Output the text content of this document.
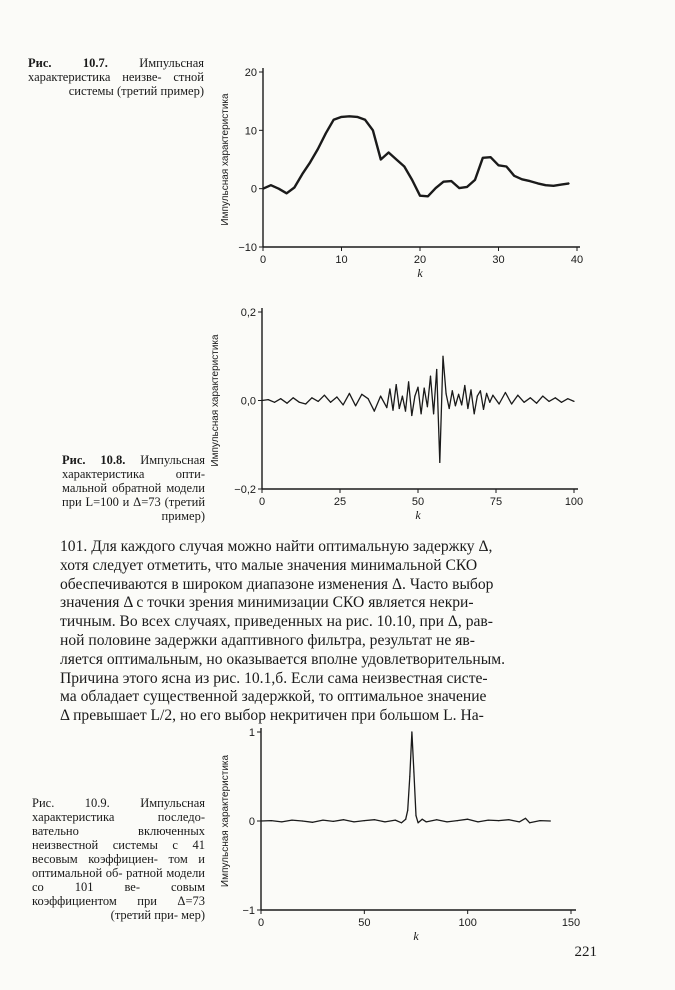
Рис. 10.7.	Импульсная характеристика неизве- стной системы (третий пример)
0	10	20	30	40
−10
0
10
20
Импульсная характеристика
k
0	25	50	75	100
−0,2
0,0
0,2
Импульсная характеристика
k
0	50	100	150
−1
0
1
Импульсная характеристика
k
Рис. 10.8. Импульсная характеристика опти- мальной обратной модели при L=100 и Δ=73 (третий пример)

101. Для каждого случая можно найти оптимальную задержку Δ,

хотя следует отметить, что малые значения минимальной СКО

обеспечиваются в широком диапазоне изменения Δ. Часто выбор

значения Δ с точки зрения минимизации СКО является некри-

тичным. Во всех случаях, приведенных на рис. 10.10, при Δ, рав-

ной половине задержки адаптивного фильтра, результат не яв-

ляется оптимальным, но оказывается вполне удовлетворительным.

Причина этого ясна из рис. 10.1,б. Если сама неизвестная систе-

ма обладает существенной задержкой, то оптимальное значение

Δ превышает L/2, но его выбор некритичен при большом L. На-

Рис. 10.9. Импульсная характеристика последо- вательно включенных неизвестной системы с 41 весовым коэффициен- том и оптимальной об- ратной модели со 101 ве- совым коэффициентом при Δ=73 (третий при- мер)
221
